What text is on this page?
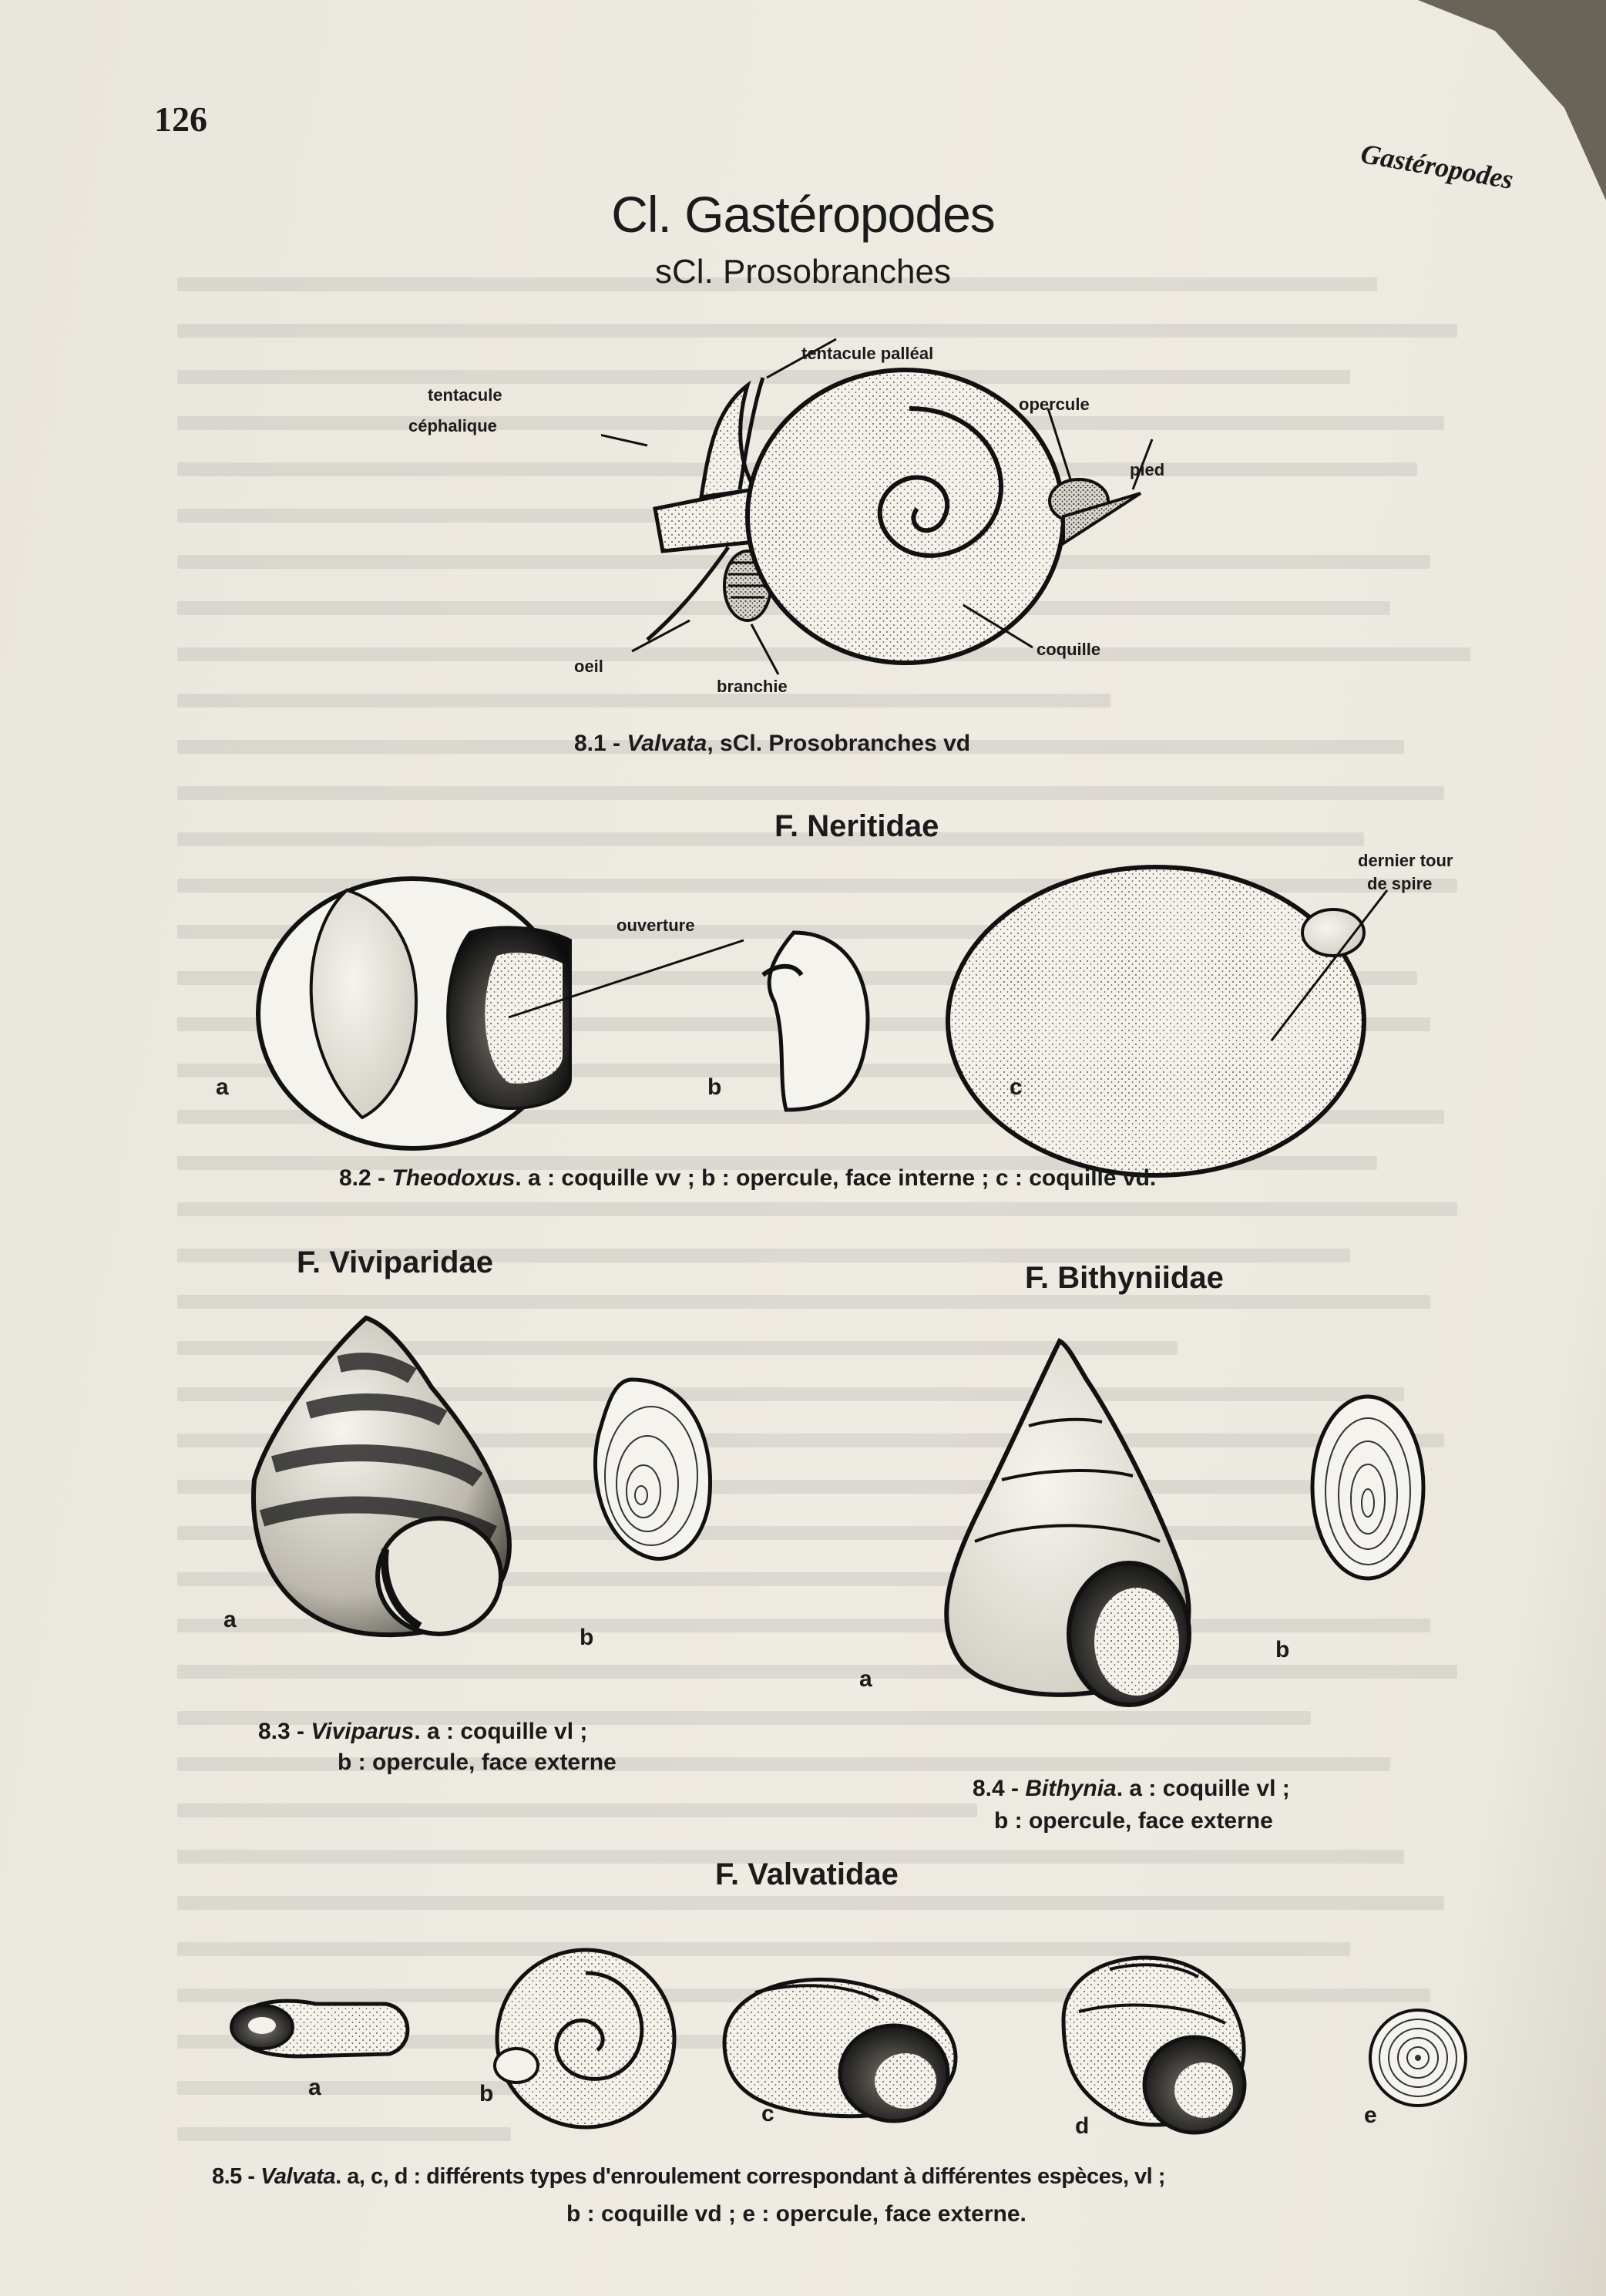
126
Gastéropodes
Cl. Gastéropodes
sCl. Prosobranches
tentacule
céphalique
tentacule palléal
opercule
pied
oeil
branchie
coquille
8.1 - Valvata, sCl. Prosobranches vd
F. Neritidae
ouverture
dernier tour
de spire
a	b	c
8.2 - Theodoxus. a : coquille vv ; b : opercule, face interne ; c : coquille vd.
F. Viviparidae
a
b
8.3 - Viviparus. a : coquille vl ;
b : opercule, face externe
F. Bithyniidae
a
b
8.4 - Bithynia. a : coquille vl ;
b : opercule, face externe
F. Valvatidae
a	b
c	d	e
8.5 - Valvata. a, c, d : différents types d'enroulement correspondant à différentes espèces, vl ;
b : coquille vd ; e : opercule, face externe.
